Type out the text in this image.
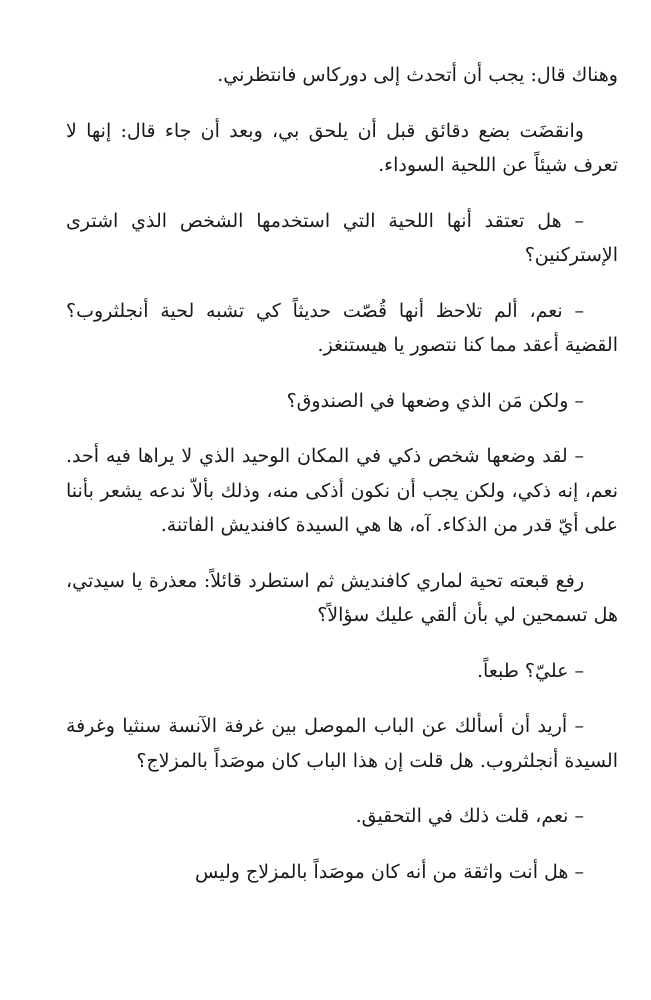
وهناك قال: يجب أن أتحدث إلى دوركاس فانتظرني.

وانقضَت بضع دقائق قبل أن يلحق بي، وبعد أن جاء قال: إنها لا تعرف شيئاً عن اللحية السوداء.

– هل تعتقد أنها اللحية التي استخدمها الشخص الذي اشترى الإستركنين؟

– نعم، ألم تلاحظ أنها قُصّت حديثاً كي تشبه لحية أنجلثروب؟ القضية أعقد مما كنا نتصور يا هيستنغز.

– ولكن مَن الذي وضعها في الصندوق؟

– لقد وضعها شخص ذكي في المكان الوحيد الذي لا يراها فيه أحد. نعم، إنه ذكي، ولكن يجب أن نكون أذكى منه، وذلك بألاّ ندعه يشعر بأننا على أيّ قدر من الذكاء. آه، ها هي السيدة كافنديش الفاتنة.

رفع قبعته تحية لماري كافنديش ثم استطرد قائلاً: معذرة يا سيدتي، هل تسمحين لي بأن ألقي عليك سؤالاً؟

– عليّ؟ طبعاً.

– أريد أن أسألك عن الباب الموصل بين غرفة الآنسة سنثيا وغرفة السيدة أنجلثروب. هل قلت إن هذا الباب كان موصَداً بالمزلاج؟

– نعم، قلت ذلك في التحقيق.

– هل أنت واثقة من أنه كان موصَداً بالمزلاج وليس
